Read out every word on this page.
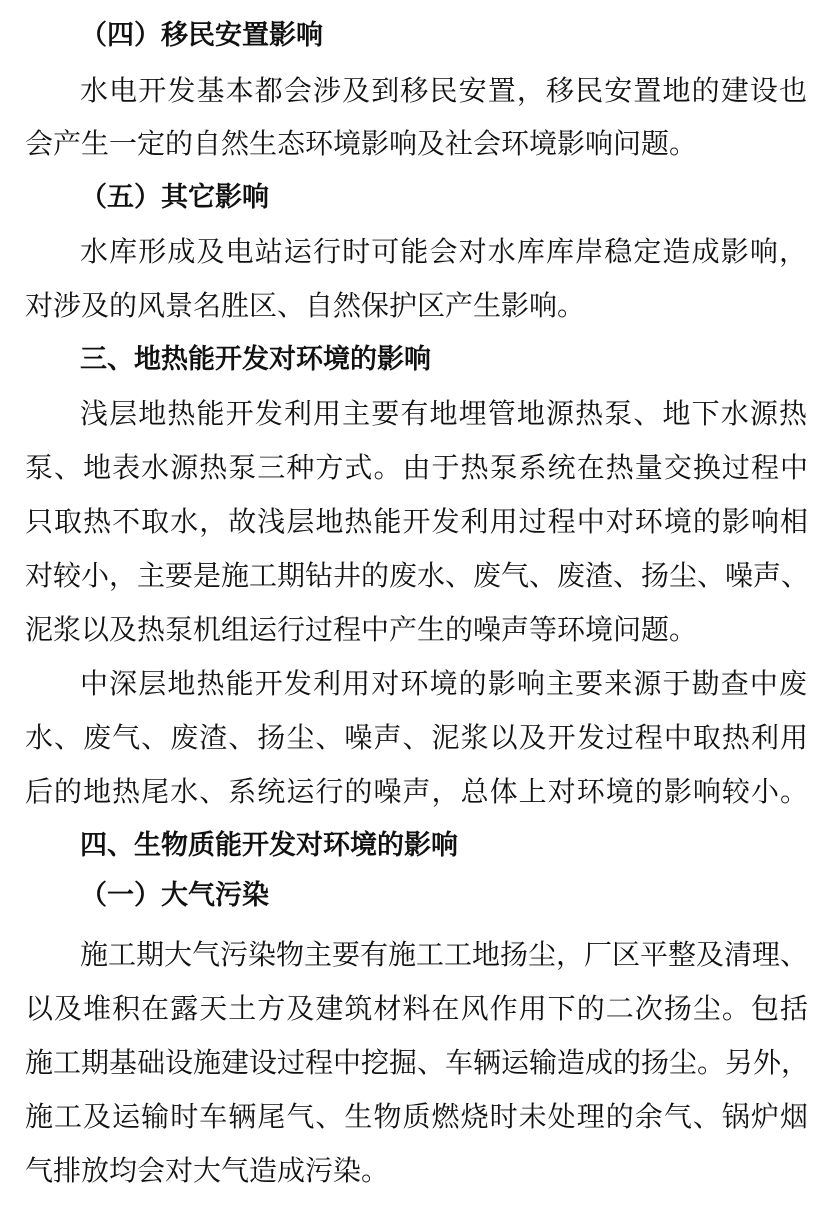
（四）移民安置影响
水电开发基本都会涉及到移民安置，移民安置地的建设也
会产生一定的自然生态环境影响及社会环境影响问题。
（五）其它影响
水库形成及电站运行时可能会对水库库岸稳定造成影响，
对涉及的风景名胜区、自然保护区产生影响。
三、地热能开发对环境的影响
浅层地热能开发利用主要有地埋管地源热泵、地下水源热
泵、地表水源热泵三种方式。由于热泵系统在热量交换过程中
只取热不取水，故浅层地热能开发利用过程中对环境的影响相
对较小，主要是施工期钻井的废水、废气、废渣、扬尘、噪声、
泥浆以及热泵机组运行过程中产生的噪声等环境问题。
中深层地热能开发利用对环境的影响主要来源于勘查中废
水、废气、废渣、扬尘、噪声、泥浆以及开发过程中取热利用
后的地热尾水、系统运行的噪声，总体上对环境的影响较小。
四、生物质能开发对环境的影响
（一）大气污染
施工期大气污染物主要有施工工地扬尘，厂区平整及清理、
以及堆积在露天土方及建筑材料在风作用下的二次扬尘。包括
施工期基础设施建设过程中挖掘、车辆运输造成的扬尘。另外，
施工及运输时车辆尾气、生物质燃烧时未处理的余气、锅炉烟
气排放均会对大气造成污染。
